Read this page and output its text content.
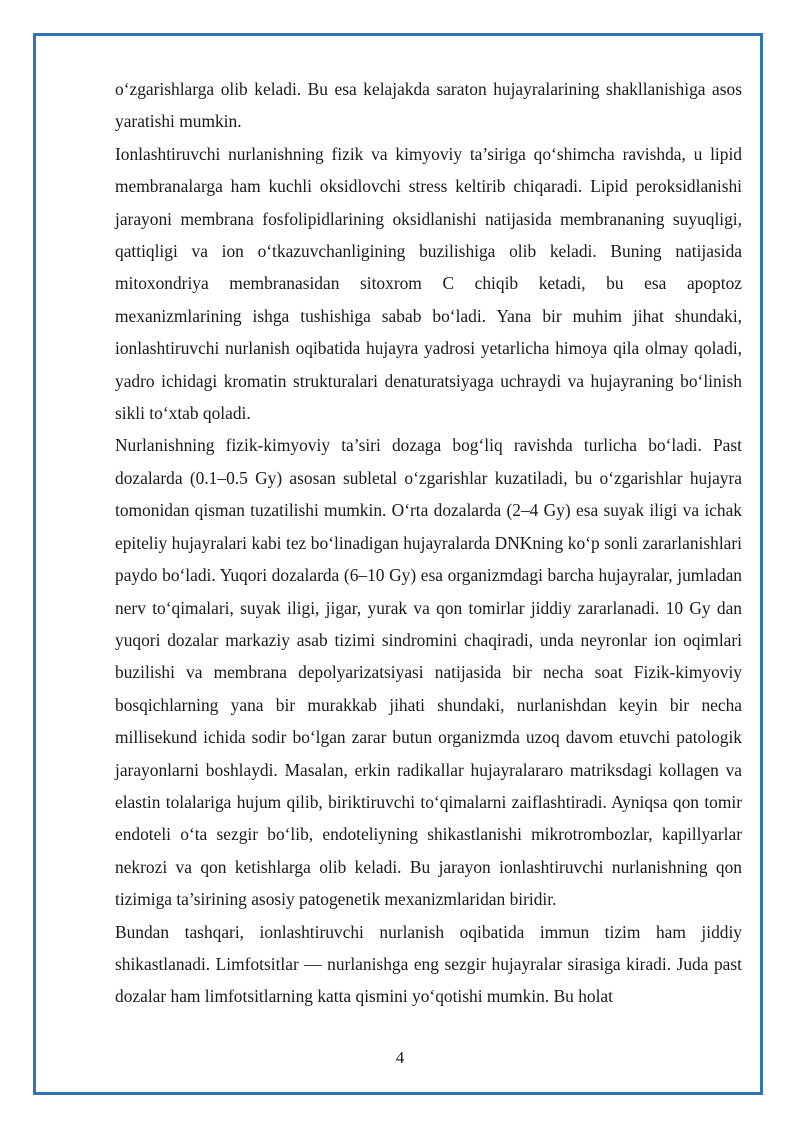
o‘zgarishlarga olib keladi. Bu esa kelajakda saraton hujayralarining shakllanishiga asos yaratishi mumkin.

Ionlashtiruvchi nurlanishning fizik va kimyoviy ta’siriga qo‘shimcha ravishda, u lipid membranalarga ham kuchli oksidlovchi stress keltirib chiqaradi. Lipid peroksidlanishi jarayoni membrana fosfolipidlarining oksidlanishi natijasida membrananing suyuqligi, qattiqligi va ion o‘tkazuvchanligining buzilishiga olib keladi. Buning natijasida mitoxondriya membranasidan sitoxrom C chiqib ketadi, bu esa apoptoz mexanizmlarining ishga tushishiga sabab bo‘ladi. Yana bir muhim jihat shundaki, ionlashtiruvchi nurlanish oqibatida hujayra yadrosi yetarlicha himoya qila olmay qoladi, yadro ichidagi kromatin strukturalari denaturatsiyaga uchraydi va hujayraning bo‘linish sikli to‘xtab qoladi.

Nurlanishning fizik-kimyoviy ta’siri dozaga bog‘liq ravishda turlicha bo‘ladi. Past dozalarda (0.1–0.5 Gy) asosan subletal o‘zgarishlar kuzatiladi, bu o‘zgarishlar hujayra tomonidan qisman tuzatilishi mumkin. O‘rta dozalarda (2–4 Gy) esa suyak iligi va ichak epiteliy hujayralari kabi tez bo‘linadigan hujayralarda DNKning ko‘p sonli zararlanishlari paydo bo‘ladi. Yuqori dozalarda (6–10 Gy) esa organizmdagi barcha hujayralar, jumladan nerv to‘qimalari, suyak iligi, jigar, yurak va qon tomirlar jiddiy zararlanadi. 10 Gy dan yuqori dozalar markaziy asab tizimi sindromini chaqiradi, unda neyronlar ion oqimlari buzilishi va membrana depolyarizatsiyasi natijasida bir necha soat Fizik-kimyoviy bosqichlarning yana bir murakkab jihati shundaki, nurlanishdan keyin bir necha millisekund ichida sodir bo‘lgan zarar butun organizmda uzoq davom etuvchi patologik jarayonlarni boshlaydi. Masalan, erkin radikallar hujayralararo matriksdagi kollagen va elastin tolalariga hujum qilib, biriktiruvchi to‘qimalarni zaiflashtiradi. Ayniqsa qon tomir endoteli o‘ta sezgir bo‘lib, endoteliyning shikastlanishi mikrotrombozlar, kapillyarlar nekrozi va qon ketishlarga olib keladi. Bu jarayon ionlashtiruvchi nurlanishning qon tizimiga ta’sirining asosiy patogenetik mexanizmlaridan biridir.

Bundan tashqari, ionlashtiruvchi nurlanish oqibatida immun tizim ham jiddiy shikastlanadi. Limfotsitlar — nurlanishga eng sezgir hujayralar sirasiga kiradi. Juda past dozalar ham limfotsitlarning katta qismini yo‘qotishi mumkin. Bu holat

4
